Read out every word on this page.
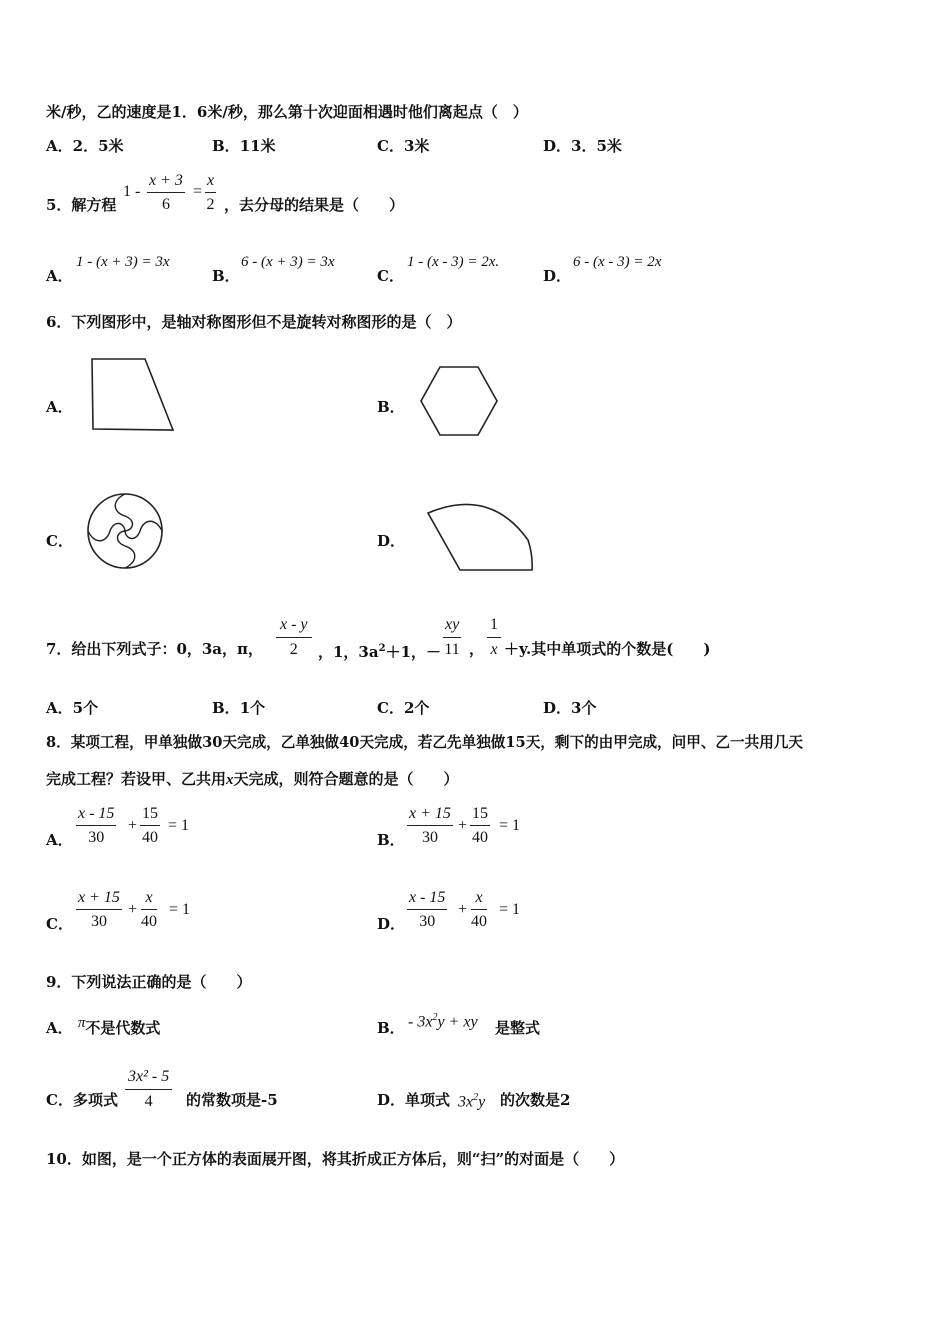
米/秒，乙的速度是1．6米/秒，那么第十次迎面相遇时他们离起点（　）
A．2．5米	B．11米	C．3米	D．3．5米
5．解方程
$1 - \frac{x + 3}{6} = \frac{x}{2}$ ，去分母的结果是（　　）
A．
1 - (x + 3) = 3x
B．
6 - (x + 3) = 3x
C．
1 - (x - 3) = 2x.
D．
6 - (x - 3) = 2x
6．下列图形中，是轴对称图形但不是旋转对称图形的是（　）
A．	B．
C．	D．
7．给出下列式子：0，3a，π， $\frac{x - y}{2}$ ，1，$3a^2+1$，－ $\frac{xy}{11}$ ， $\frac{1}{x} +y$.其中单项式的个数是(　　)
A．5个	B．1个	C．2个	D．3个
8．某项工程，甲单独做30天完成，乙单独做40天完成，若乙先单独做15天，剩下的由甲完成，问甲、乙一共用几天
完成工程？若设甲、乙共用x天完成，则符合题意的是（　　）
A． $\frac{x - 15}{30} + \frac{15}{40} = 1$
B． $\frac{x + 15}{30} + \frac{15}{40} = 1$
C． $\frac{x + 15}{30} + \frac{x}{40} = 1$
D． $\frac{x - 15}{30} + \frac{x}{40} = 1$
9．下列说法正确的是（　　）
A． π不是代数式	B． - $3x^2y$ + xy 是整式
C．多项式 $\frac{\text{3x² - 5}}{4}$ 的常数项是-5	D．单项式 $3x^2y$ 的次数是2
10．如图，是一个正方体的表面展开图，将其折成正方体后，则“扫”的对面是（　　）
